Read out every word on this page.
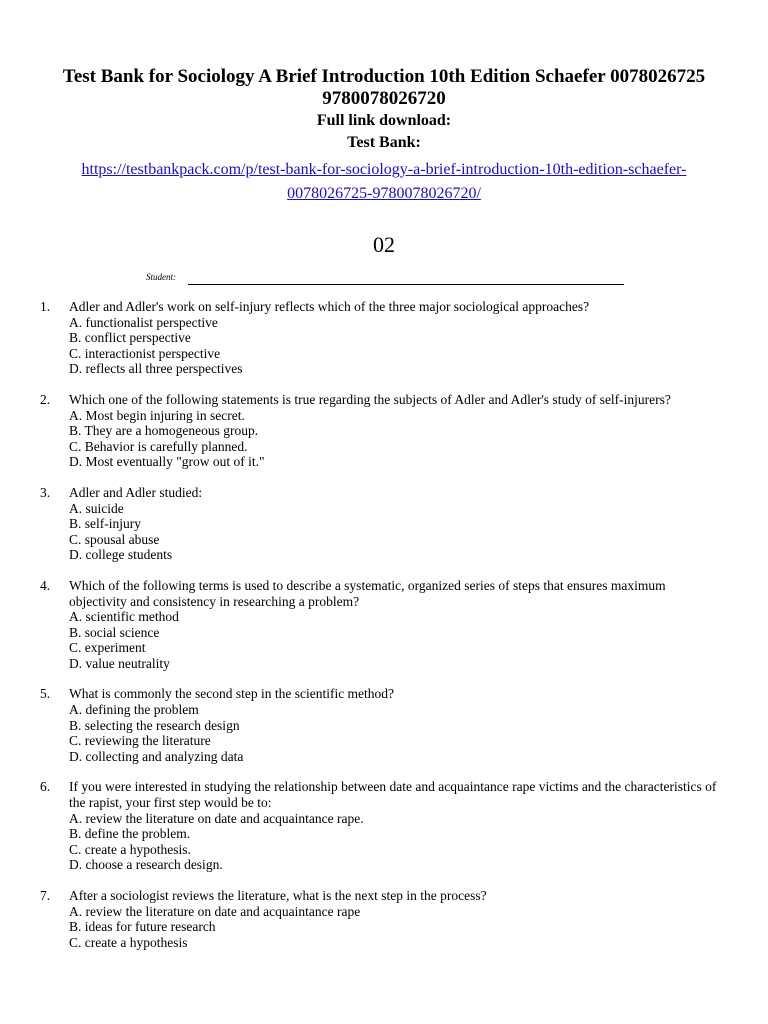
Test Bank for Sociology A Brief Introduction 10th Edition Schaefer 0078026725 9780078026720

Full link download:

Test Bank:

https://testbankpack.com/p/test-bank-for-sociology-a-brief-introduction-10th-edition-schaefer-0078026725-9780078026720/

02
Student:
1. Adler and Adler's work on self-injury reflects which of the three major sociological approaches?
A. functionalist perspective
B. conflict perspective
C. interactionist perspective
D. reflects all three perspectives
2. Which one of the following statements is true regarding the subjects of Adler and Adler's study of self-injurers?
A. Most begin injuring in secret.
B. They are a homogeneous group.
C. Behavior is carefully planned.
D. Most eventually "grow out of it."
3. Adler and Adler studied:
A. suicide
B. self-injury
C. spousal abuse
D. college students
4. Which of the following terms is used to describe a systematic, organized series of steps that ensures maximum objectivity and consistency in researching a problem?
A. scientific method
B. social science
C. experiment
D. value neutrality
5. What is commonly the second step in the scientific method?
A. defining the problem
B. selecting the research design
C. reviewing the literature
D. collecting and analyzing data
6. If you were interested in studying the relationship between date and acquaintance rape victims and the characteristics of the rapist, your first step would be to:
A. review the literature on date and acquaintance rape.
B. define the problem.
C. create a hypothesis.
D. choose a research design.
7. After a sociologist reviews the literature, what is the next step in the process?
A. review the literature on date and acquaintance rape
B. ideas for future research
C. create a hypothesis
